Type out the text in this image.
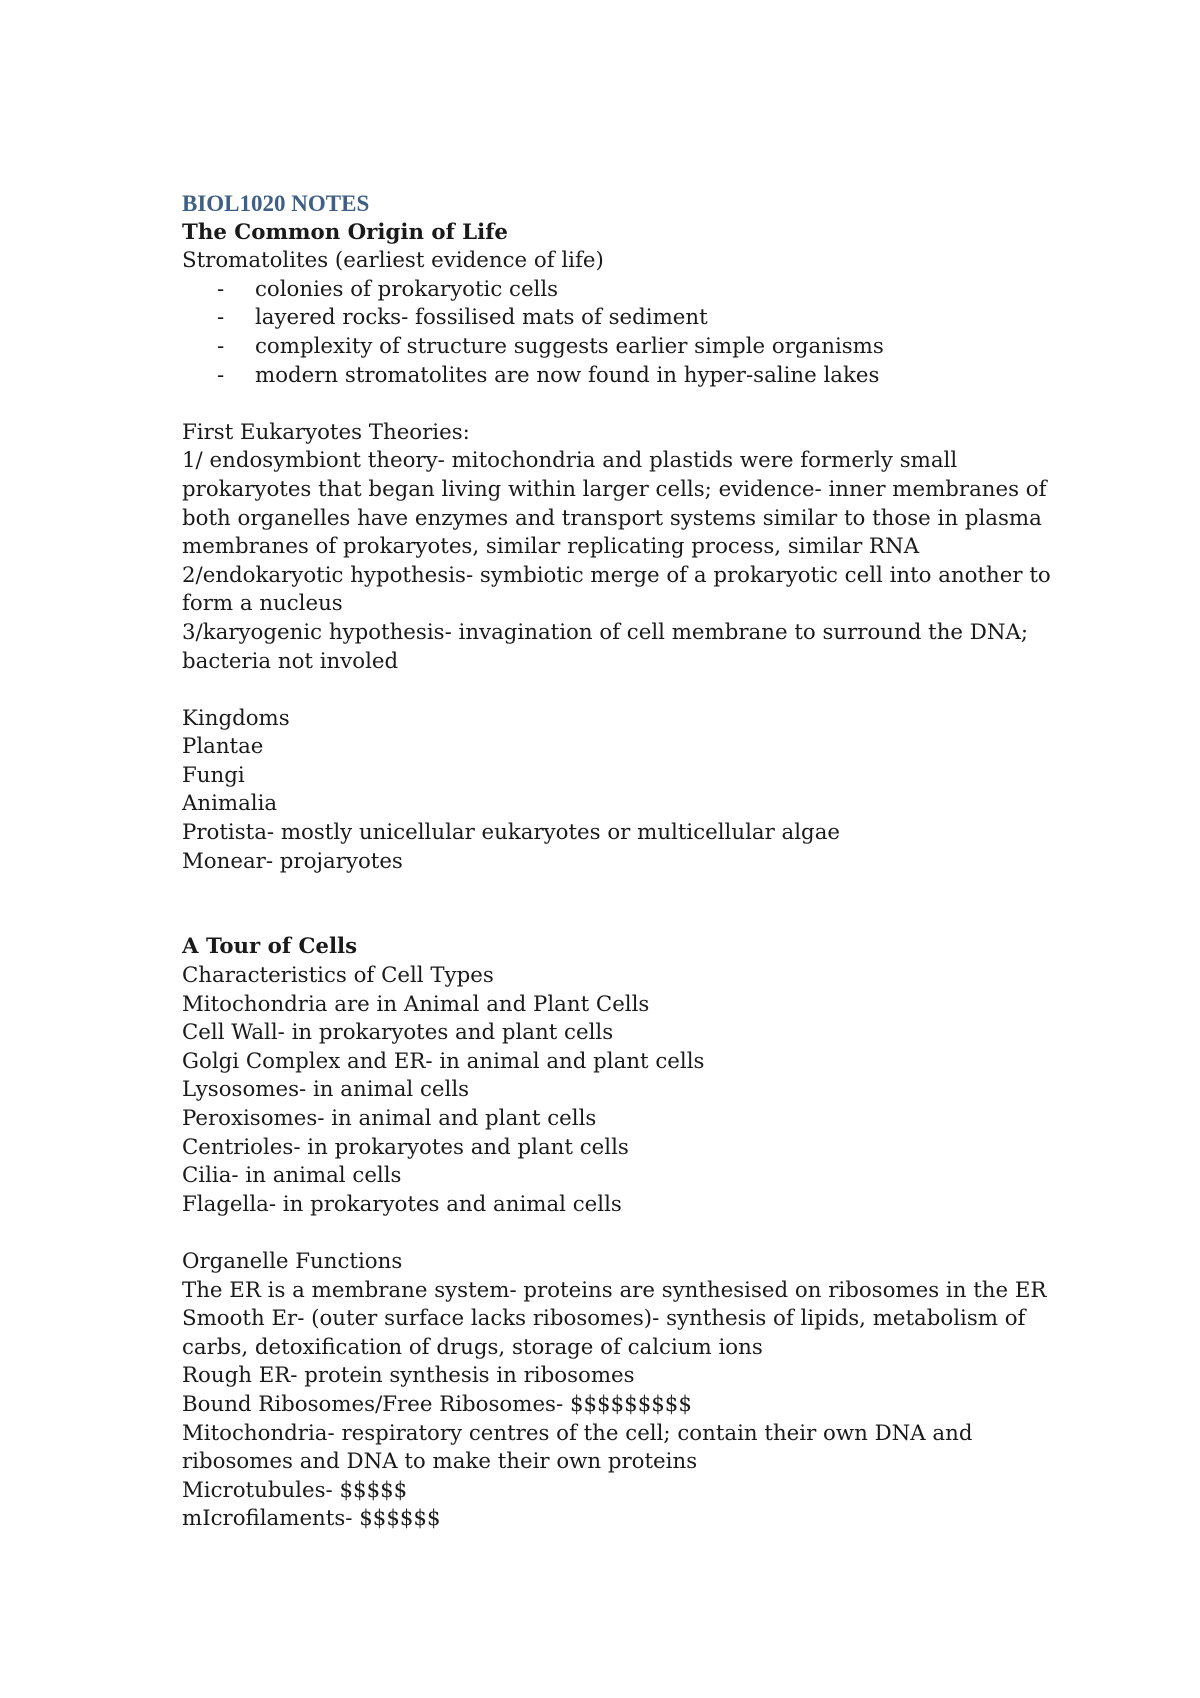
BIOL1020 NOTES

The Common Origin of Life

Stromatolites (earliest evidence of life)

- colonies of prokaryotic cells
- layered rocks- fossilised mats of sediment
- complexity of structure suggests earlier simple organisms
- modern stromatolites are now found in hyper-saline lakes

First Eukaryotes Theories:

1/ endosymbiont theory- mitochondria and plastids were formerly small prokaryotes that began living within larger cells; evidence- inner membranes of both organelles have enzymes and transport systems similar to those in plasma membranes of prokaryotes, similar replicating process, similar RNA

2/endokaryotic hypothesis- symbiotic merge of a prokaryotic cell into another to form a nucleus

3/karyogenic hypothesis- invagination of cell membrane to surround the DNA; bacteria not involed

Kingdoms

Plantae

Fungi

Animalia

Protista- mostly unicellular eukaryotes or multicellular algae

Monear- projaryotes

A Tour of Cells

Characteristics of Cell Types

Mitochondria are in Animal and Plant Cells

Cell Wall- in prokaryotes and plant cells

Golgi Complex and ER- in animal and plant cells

Lysosomes- in animal cells

Peroxisomes- in animal and plant cells

Centrioles- in prokaryotes and plant cells

Cilia- in animal cells

Flagella- in prokaryotes and animal cells

Organelle Functions

The ER is a membrane system- proteins are synthesised on ribosomes in the ER

Smooth Er- (outer surface lacks ribosomes)- synthesis of lipids, metabolism of carbs, detoxification of drugs, storage of calcium ions

Rough ER- protein synthesis in ribosomes

Bound Ribosomes/Free Ribosomes- $$$$$$$$$

Mitochondria- respiratory centres of the cell; contain their own DNA and ribosomes and DNA to make their own proteins

Microtubules- $$$$$

mIcrofilaments- $$$$$$
